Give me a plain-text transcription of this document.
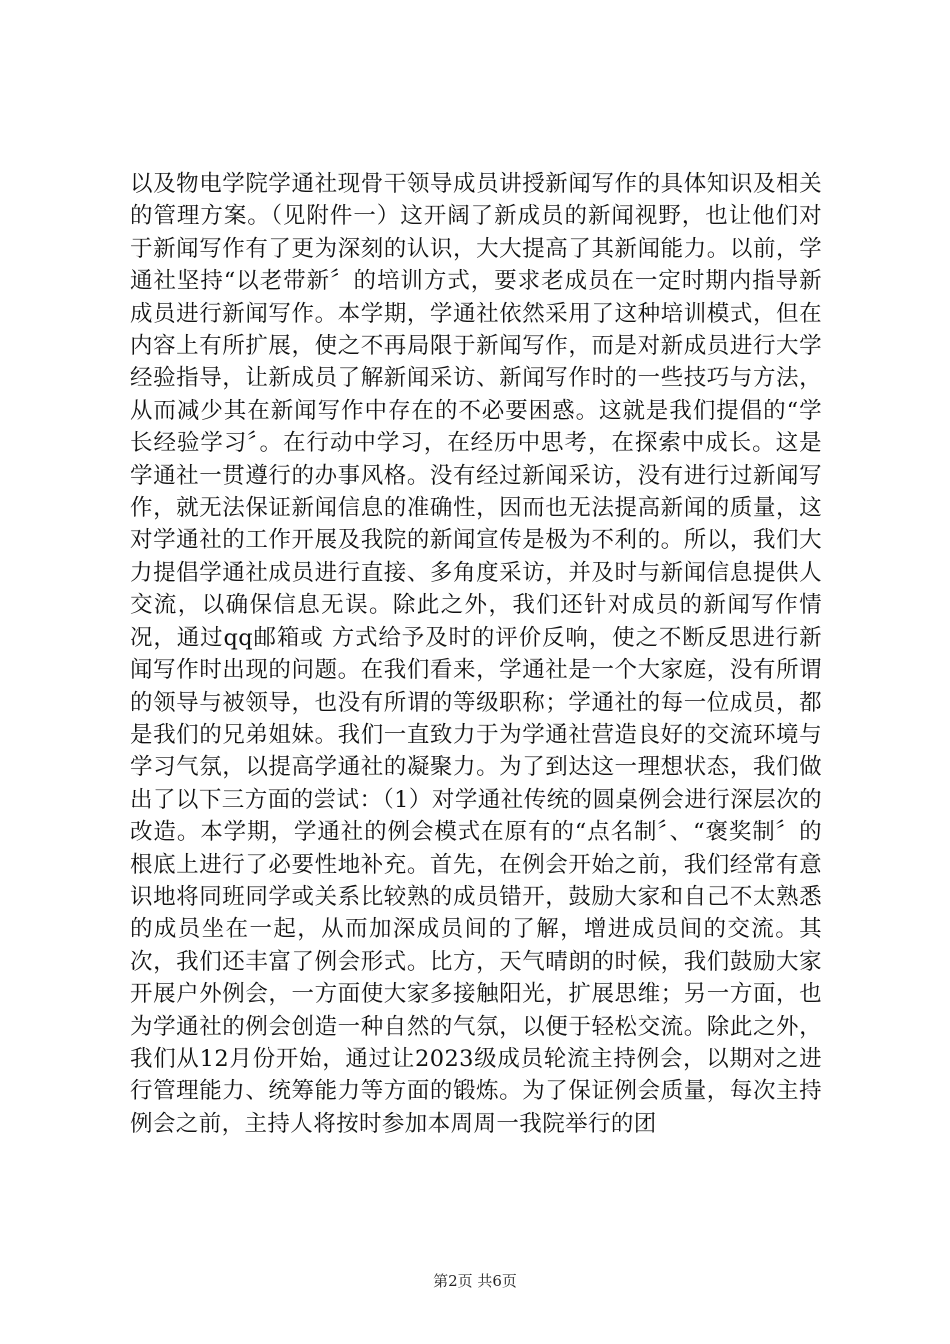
以及物电学院学通社现骨干领导成员讲授新闻写作的具体知识及相关的管理方案。（见附件一）这开阔了新成员的新闻视野，也让他们对于新闻写作有了更为深刻的认识，大大提高了其新闻能力。以前，学通社坚持“以老带新〞的培训方式，要求老成员在一定时期内指导新成员进行新闻写作。本学期，学通社依然采用了这种培训模式，但在内容上有所扩展，使之不再局限于新闻写作，而是对新成员进行大学经验指导，让新成员了解新闻采访、新闻写作时的一些技巧与方法，从而减少其在新闻写作中存在的不必要困惑。这就是我们提倡的“学长经验学习〞。在行动中学习，在经历中思考，在探索中成长。这是学通社一贯遵行的办事风格。没有经过新闻采访，没有进行过新闻写作，就无法保证新闻信息的准确性，因而也无法提高新闻的质量，这对学通社的工作开展及我院的新闻宣传是极为不利的。所以，我们大力提倡学通社成员进行直接、多角度采访，并及时与新闻信息提供人交流，以确保信息无误。除此之外，我们还针对成员的新闻写作情况，通过qq邮箱或 方式给予及时的评价反响，使之不断反思进行新闻写作时出现的问题。在我们看来，学通社是一个大家庭，没有所谓的领导与被领导，也没有所谓的等级职称；学通社的每一位成员，都是我们的兄弟姐妹。我们一直致力于为学通社营造良好的交流环境与学习气氛，以提高学通社的凝聚力。为了到达这一理想状态，我们做出了以下三方面的尝试：（1）对学通社传统的圆桌例会进行深层次的改造。本学期，学通社的例会模式在原有的“点名制〞、“褒奖制〞的根底上进行了必要性地补充。首先，在例会开始之前，我们经常有意识地将同班同学或关系比较熟的成员错开，鼓励大家和自己不太熟悉的成员坐在一起，从而加深成员间的了解，增进成员间的交流。其次，我们还丰富了例会形式。比方，天气晴朗的时候，我们鼓励大家开展户外例会，一方面使大家多接触阳光，扩展思维；另一方面，也为学通社的例会创造一种自然的气氛，以便于轻松交流。除此之外，我们从12月份开始，通过让2023级成员轮流主持例会，以期对之进行管理能力、统筹能力等方面的锻炼。为了保证例会质量，每次主持例会之前，主持人将按时参加本周周一我院举行的团

第2页 共6页
